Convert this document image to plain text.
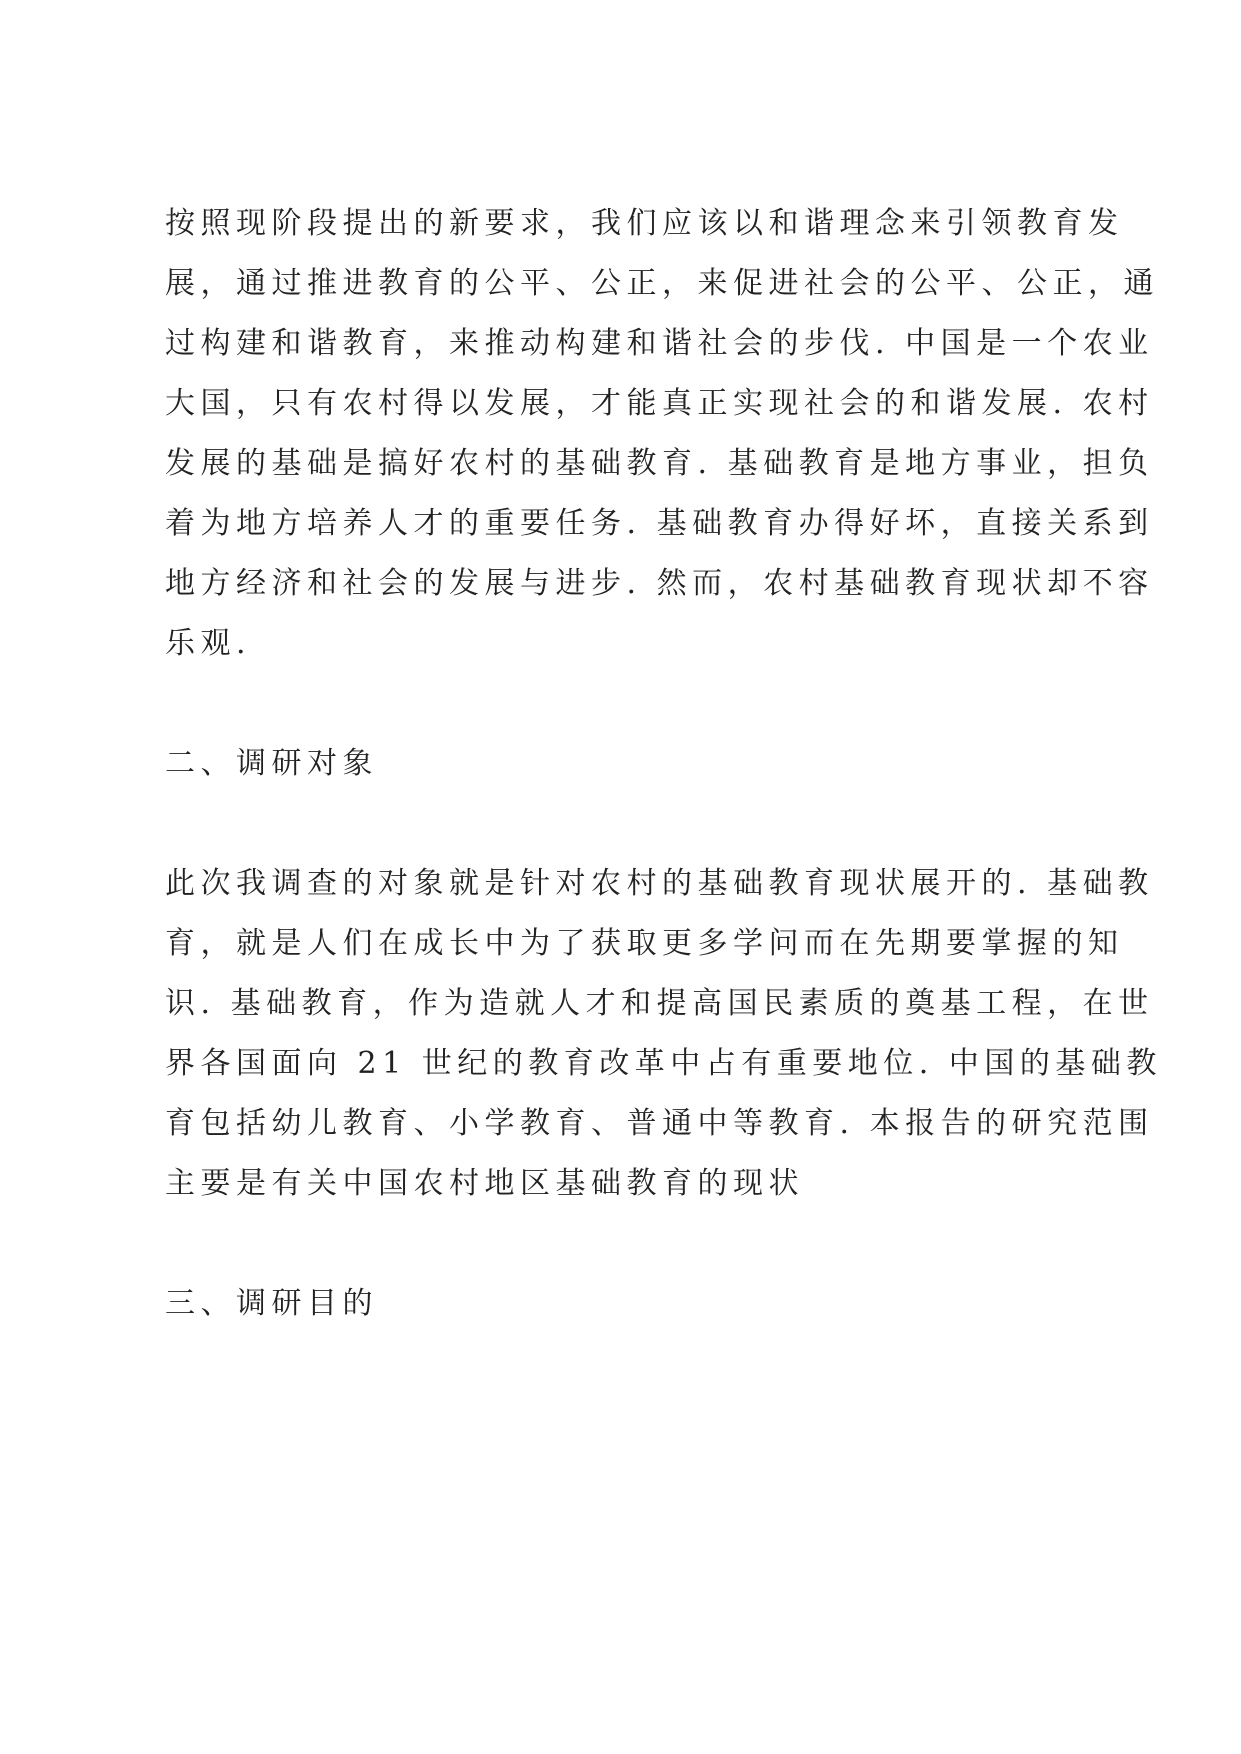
按照现阶段提出的新要求，我们应该以和谐理念来引领教育发
展，通过推进教育的公平、公正，来促进社会的公平、公正，通
过构建和谐教育，来推动构建和谐社会的步伐. 中国是一个农业
大国，只有农村得以发展，才能真正实现社会的和谐发展. 农村
发展的基础是搞好农村的基础教育. 基础教育是地方事业，担负
着为地方培养人才的重要任务. 基础教育办得好坏，直接关系到
地方经济和社会的发展与进步. 然而，农村基础教育现状却不容
乐观.
二、调研对象
此次我调查的对象就是针对农村的基础教育现状展开的. 基础教
育，就是人们在成长中为了获取更多学问而在先期要掌握的知
识. 基础教育，作为造就人才和提高国民素质的奠基工程，在世
界各国面向 21 世纪的教育改革中占有重要地位. 中国的基础教
育包括幼儿教育、小学教育、普通中等教育. 本报告的研究范围
主要是有关中国农村地区基础教育的现状
三、调研目的
